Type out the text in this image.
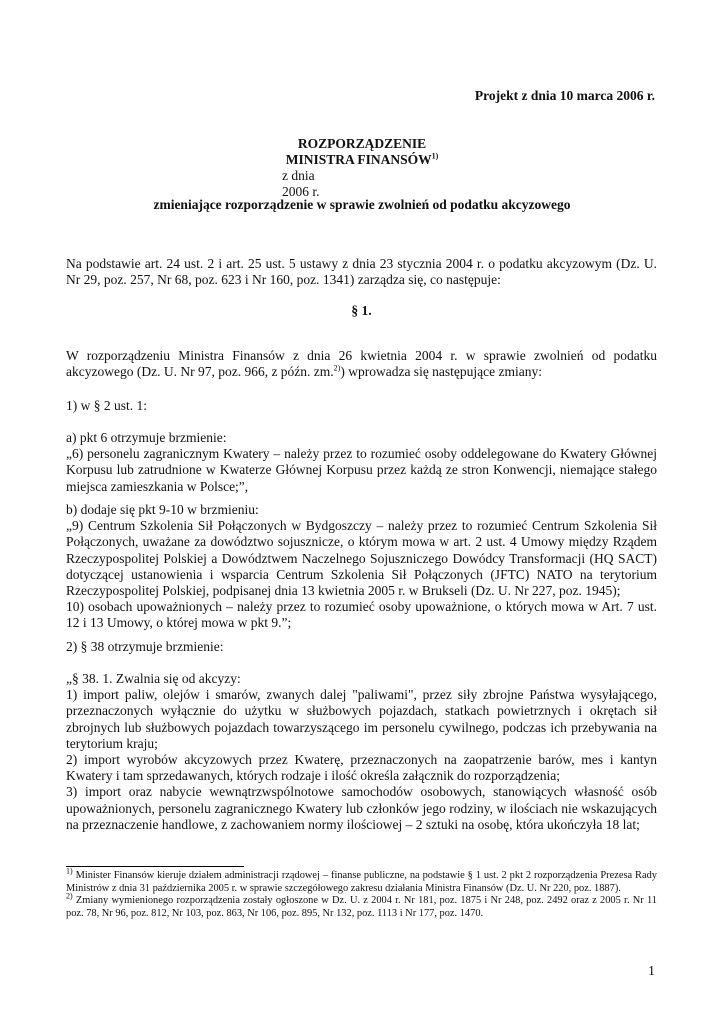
Projekt z dnia 10 marca 2006 r.
ROZPORZĄDZENIE
MINISTRA FINANSÓW$^{1)}$
z dnia2006 r.
zmieniające rozporządzenie w sprawie zwolnień od podatku akcyzowego

Na podstawie art. 24 ust. 2 i art. 25 ust. 5 ustawy z dnia 23 stycznia 2004 r. o podatku akcyzowym (Dz. U. Nr 29, poz. 257, Nr 68, poz. 623 i Nr 160, poz. 1341) zarządza się, co następuje:

§ 1.

W rozporządzeniu Ministra Finansów z dnia 26 kwietnia 2004 r. w sprawie zwolnień od podatku akcyzowego (Dz. U. Nr 97, poz. 966, z późn. zm.$^{2)}$) wprowadza się następujące zmiany:

1) w § 2 ust. 1:

a) pkt 6 otrzymuje brzmienie:

„6) personelu zagranicznym Kwatery – należy przez to rozumieć osoby oddelegowane do Kwatery Głównej Korpusu lub zatrudnione w Kwaterze Głównej Korpusu przez każdą ze stron Konwencji, niemające stałego miejsca zamieszkania w Polsce;”,

b) dodaje się pkt 9-10 w brzmieniu:

„9) Centrum Szkolenia Sił Połączonych w Bydgoszczy – należy przez to rozumieć Centrum Szkolenia Sił Połączonych, uważane za dowództwo sojusznicze, o którym mowa w art. 2 ust. 4 Umowy między Rządem Rzeczypospolitej Polskiej a Dowództwem Naczelnego Sojuszniczego Dowódcy Transformacji (HQ SACT) dotyczącej ustanowienia i wsparcia Centrum Szkolenia Sił Połączonych (JFTC) NATO na terytorium Rzeczypospolitej Polskiej, podpisanej dnia 13 kwietnia 2005 r. w Brukseli (Dz. U. Nr 227, poz. 1945);

10) osobach upoważnionych – należy przez to rozumieć osoby upoważnione, o których mowa w Art. 7 ust. 12 i 13 Umowy, o której mowa w pkt 9.”;

2) § 38 otrzymuje brzmienie:

„§ 38. 1. Zwalnia się od akcyzy:

1) import paliw, olejów i smarów, zwanych dalej "paliwami", przez siły zbrojne Państwa wysyłającego, przeznaczonych wyłącznie do użytku w służbowych pojazdach, statkach powietrznych i okrętach sił zbrojnych lub służbowych pojazdach towarzyszącego im personelu cywilnego, podczas ich przebywania na terytorium kraju;

2) import wyrobów akcyzowych przez Kwaterę, przeznaczonych na zaopatrzenie barów, mes i kantyn Kwatery i tam sprzedawanych, których rodzaje i ilość określa załącznik do rozporządzenia;

3) import oraz nabycie wewnątrzwspólnotowe samochodów osobowych, stanowiących własność osób upoważnionych, personelu zagranicznego Kwatery lub członków jego rodziny, w ilościach nie wskazujących na przeznaczenie handlowe, z zachowaniem normy ilościowej – 2 sztuki na osobę, która ukończyła 18 lat;

$^{1)}$ Minister Finansów kieruje działem administracji rządowej – finanse publiczne, na podstawie § 1 ust. 2 pkt 2 rozporządzenia Prezesa Rady Ministrów z dnia 31 października 2005 r. w sprawie szczegółowego zakresu działania Ministra Finansów (Dz. U. Nr 220, poz. 1887).

$^{2)}$ Zmiany wymienionego rozporządzenia zostały ogłoszone w Dz. U. z 2004 r. Nr 181, poz. 1875 i Nr 248, poz. 2492 oraz z 2005 r. Nr 11 poz. 78, Nr 96, poz. 812, Nr 103, poz. 863, Nr 106, poz. 895, Nr 132, poz. 1113 i Nr 177, poz. 1470.

1
